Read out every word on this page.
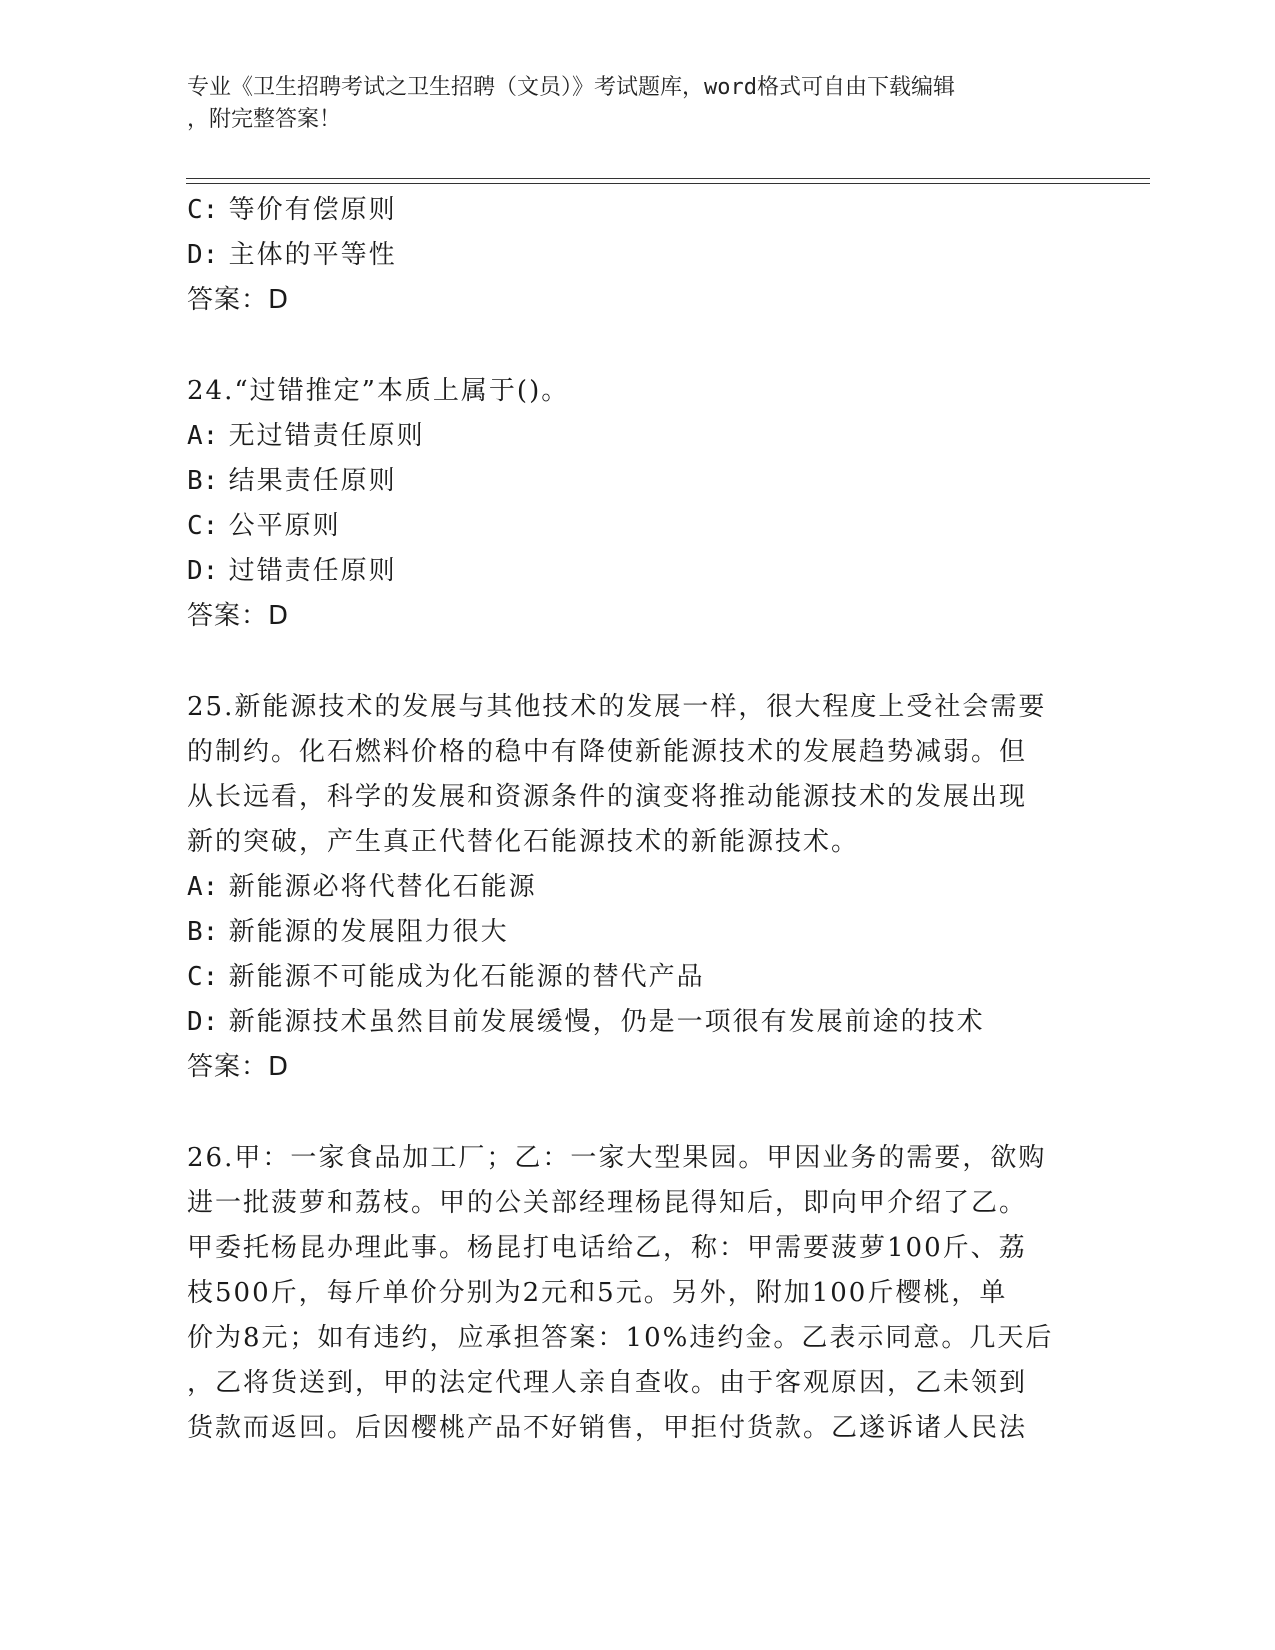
专业《卫生招聘考试之卫生招聘（文员）》考试题库，word格式可自由下载编辑
，附完整答案！
C: 等价有偿原则
D: 主体的平等性
答案：D
24.“过错推定”本质上属于()。
A: 无过错责任原则
B: 结果责任原则
C: 公平原则
D: 过错责任原则
答案：D
25.新能源技术的发展与其他技术的发展一样，很大程度上受社会需要
的制约。化石燃料价格的稳中有降使新能源技术的发展趋势减弱。但
从长远看，科学的发展和资源条件的演变将推动能源技术的发展出现
新的突破，产生真正代替化石能源技术的新能源技术。
A: 新能源必将代替化石能源
B: 新能源的发展阻力很大
C: 新能源不可能成为化石能源的替代产品
D: 新能源技术虽然目前发展缓慢，仍是一项很有发展前途的技术
答案：D
26.甲：一家食品加工厂；乙：一家大型果园。甲因业务的需要，欲购
进一批菠萝和荔枝。甲的公关部经理杨昆得知后，即向甲介绍了乙。
甲委托杨昆办理此事。杨昆打电话给乙，称：甲需要菠萝100斤、荔
枝500斤，每斤单价分别为2元和5元。另外，附加100斤樱桃，单
价为8元；如有违约，应承担答案：10%违约金。乙表示同意。几天后
，乙将货送到，甲的法定代理人亲自查收。由于客观原因，乙未领到
货款而返回。后因樱桃产品不好销售，甲拒付货款。乙遂诉诸人民法
